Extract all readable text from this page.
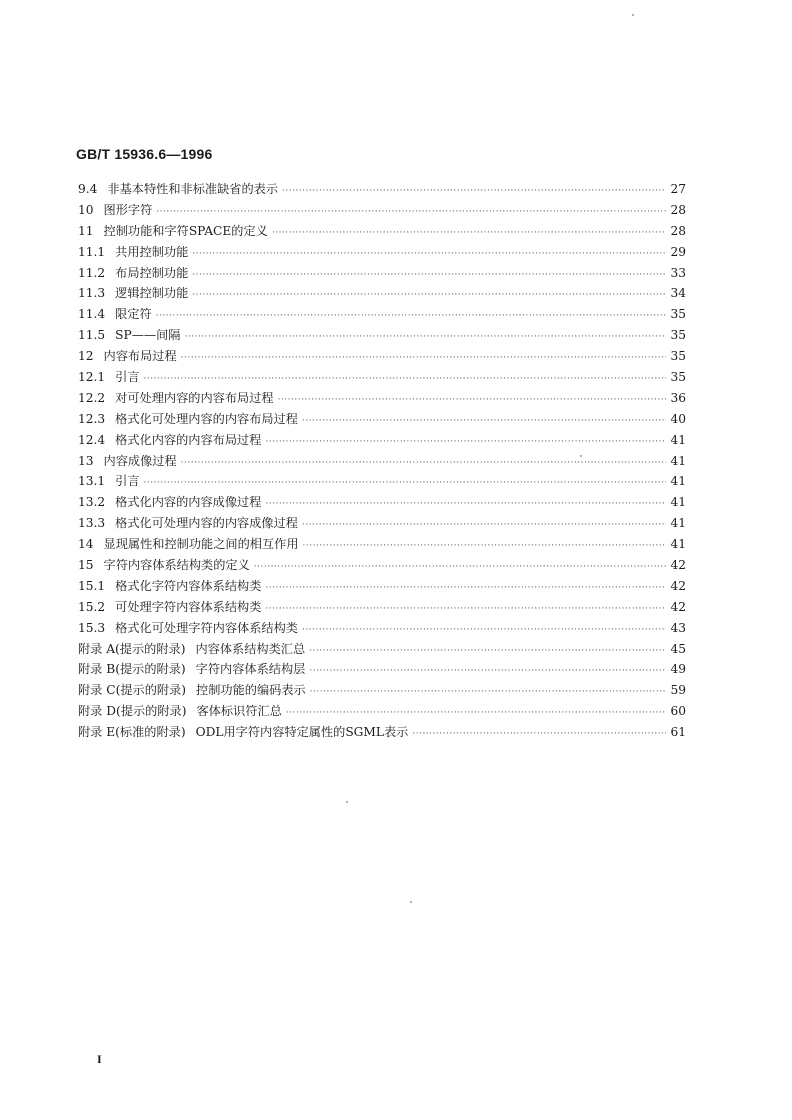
GB/T 15936.6—1996
9.4 非基本特性和非标准缺省的表示 ·····	27
10 图形字符 ·····	28
11 控制功能和字符SPACE的定义 ·····	28
11.1 共用控制功能 ·····	29
11.2 布局控制功能 ·····	33
11.3 逻辑控制功能 ·····	34
11.4 限定符 ·····	35
11.5 SP——间隔 ·····	35
12 内容布局过程 ·····	35
12.1 引言 ·····	35
12.2 对可处理内容的内容布局过程 ·····	36
12.3 格式化可处理内容的内容布局过程 ·····	40
12.4 格式化内容的内容布局过程 ·····	41
13 内容成像过程 ·····	41
13.1 引言 ·····	41
13.2 格式化内容的内容成像过程 ·····	41
13.3 格式化可处理内容的内容成像过程 ·····	41
14 显现属性和控制功能之间的相互作用 ·····	41
15 字符内容体系结构类的定义 ·····	42
15.1 格式化字符内容体系结构类 ·····	42
15.2 可处理字符内容体系结构类 ·····	42
15.3 格式化可处理字符内容体系结构类 ·····	43
附录 A(提示的附录) 内容体系结构类汇总 ·····	45
附录 B(提示的附录) 字符内容体系结构层 ·····	49
附录 C(提示的附录) 控制功能的编码表示 ·····	59
附录 D(提示的附录) 客体标识符汇总 ·····	60
附录 E(标准的附录) ODL用字符内容特定属性的SGML表示 ·····	61
I
